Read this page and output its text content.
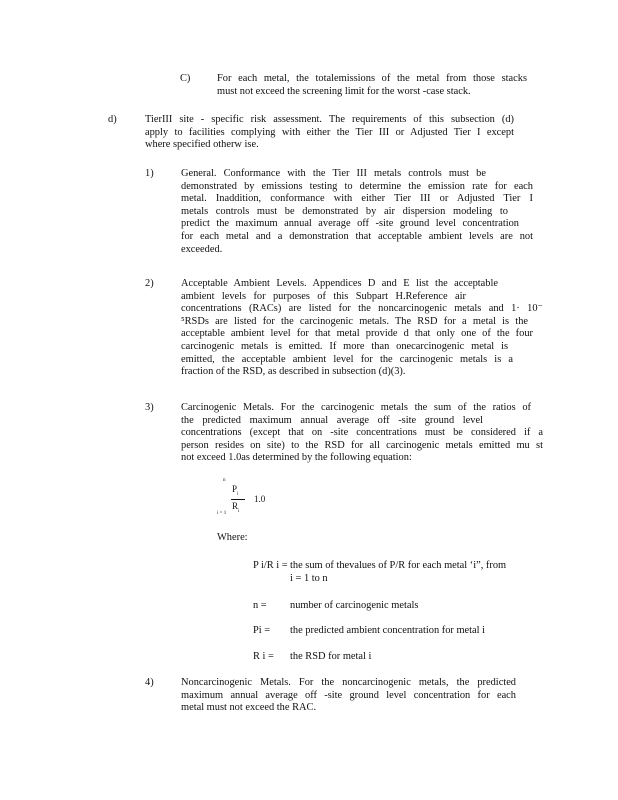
C)	For each metal, the totalemissions of the metal from those stacks
must not exceed the screening limit for the worst -case stack.
d)	TierIII site - specific risk assessment. The requirements of this subsection (d)
apply to facilities complying with either the Tier III or Adjusted Tier I except
where specified otherw ise.
1)	General. Conformance with the Tier III metals controls must be
demonstrated by emissions testing to determine the emission rate for each
metal. Inaddition, conformance with either Tier III or Adjusted Tier I
metals controls must be demonstrated by air dispersion modeling to
predict the maximum annual average off -site ground level concentration
for each metal and a demonstration that acceptable ambient levels are not
exceeded.
2)	Acceptable Ambient Levels. Appendices D and E list the acceptable
ambient levels for purposes of this Subpart H.Reference air
concentrations (RACs) are listed for the noncarcinogenic metals and 1· 10⁻
⁵RSDs are listed for the carcinogenic metals. The RSD for a metal is the
acceptable ambient level for that metal provide d that only one of the four
carcinogenic metals is emitted. If more than onecarcinogenic metal is
emitted, the acceptable ambient level for the carcinogenic metals is a
fraction of the RSD, as described in subsection (d)(3).
3)	Carcinogenic Metals. For the carcinogenic metals the sum of the ratios of
the predicted maximum annual average off -site ground level
concentrations (except that on -site concentrations must be considered if a
person resides on site) to the RSD for all carcinogenic metals emitted mu st
not exceed 1.0as determined by the following equation:
n
i = 1
$P_i$
$R_i$
1.0
Where:
P i/R i = the sum of thevalues of P/R for each metal ‘i”, from
i = 1 to n
n = number of carcinogenic metals
Pi = the predicted ambient concentration for metal i
R i = the RSD for metal i
4)	Noncarcinogenic Metals. For the noncarcinogenic metals, the predicted
maximum annual average off -site ground level concentration for each
metal must not exceed the RAC.
